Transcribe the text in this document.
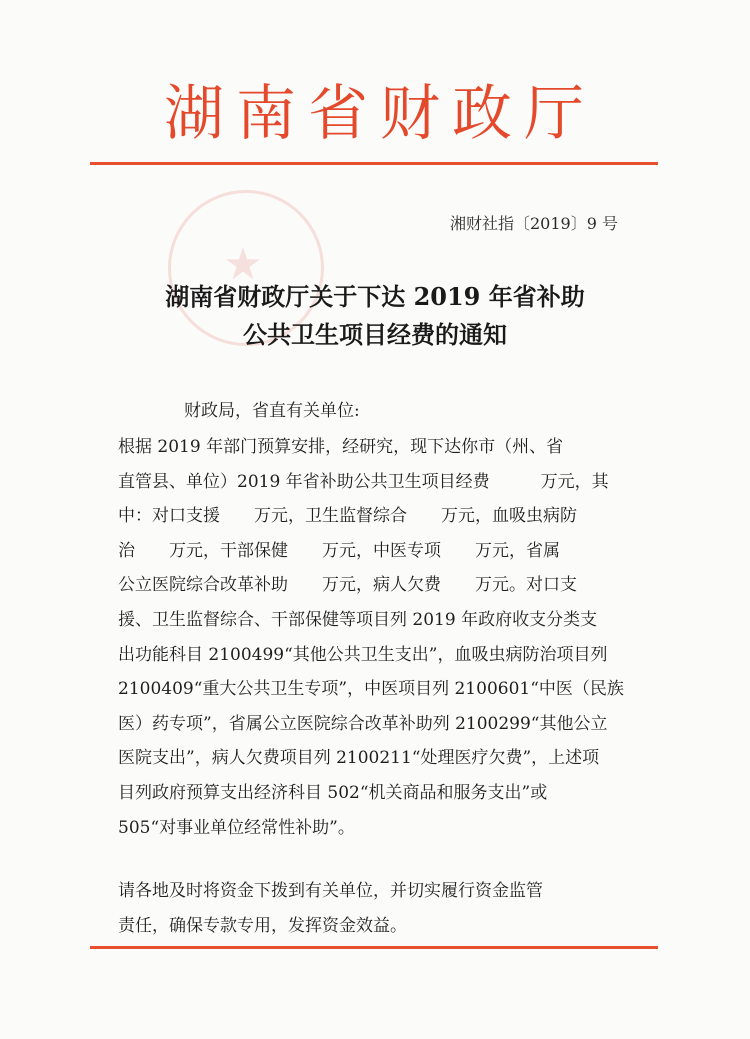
★
湖南省财政厅
湘财社指〔2019〕9 号
湖南省财政厅关于下达 2019 年省补助
公共卫生项目经费的通知
财政局，省直有关单位:
根据 2019 年部门预算安排，经研究，现下达你市（州、省
直管县、单位）2019 年省补助公共卫生项目经费　　　万元，其
中：对口支援　　万元，卫生监督综合　　万元，血吸虫病防
治　　万元，干部保健　　万元，中医专项　　万元，省属
公立医院综合改革补助　　万元，病人欠费　　万元。对口支
援、卫生监督综合、干部保健等项目列 2019 年政府收支分类支
出功能科目 2100499“其他公共卫生支出”，血吸虫病防治项目列
2100409“重大公共卫生专项”，中医项目列 2100601“中医（民族
医）药专项”，省属公立医院综合改革补助列 2100299“其他公立
医院支出”，病人欠费项目列 2100211“处理医疗欠费”，上述项
目列政府预算支出经济科目 502“机关商品和服务支出”或
505“对事业单位经常性补助”。
请各地及时将资金下拨到有关单位，并切实履行资金监管
责任，确保专款专用，发挥资金效益。
